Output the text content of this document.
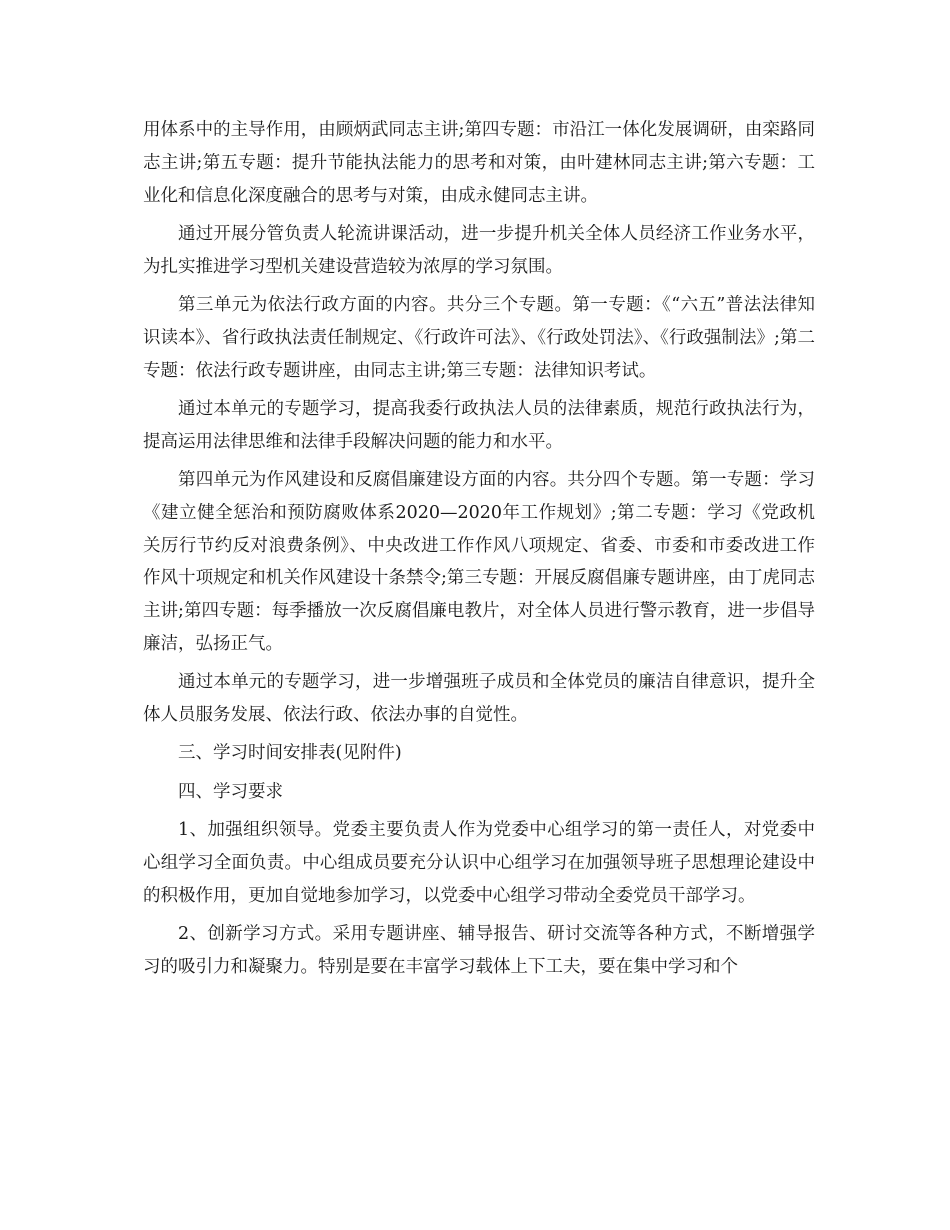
用体系中的主导作用，由顾炳武同志主讲;第四专题：市沿江一体化发展调研，由栾路同志主讲;第五专题：提升节能执法能力的思考和对策，由叶建林同志主讲;第六专题：工业化和信息化深度融合的思考与对策，由成永健同志主讲。

通过开展分管负责人轮流讲课活动，进一步提升机关全体人员经济工作业务水平，为扎实推进学习型机关建设营造较为浓厚的学习氛围。

第三单元为依法行政方面的内容。共分三个专题。第一专题：《“六五”普法法律知识读本》、省行政执法责任制规定、《行政许可法》、《行政处罚法》、《行政强制法》;第二专题：依法行政专题讲座，由同志主讲;第三专题：法律知识考试。

通过本单元的专题学习，提高我委行政执法人员的法律素质，规范行政执法行为，提高运用法律思维和法律手段解决问题的能力和水平。

第四单元为作风建设和反腐倡廉建设方面的内容。共分四个专题。第一专题：学习《建立健全惩治和预防腐败体系2020—2020年工作规划》;第二专题：学习《党政机关厉行节约反对浪费条例》、中央改进工作作风八项规定、省委、市委和市委改进工作作风十项规定和机关作风建设十条禁令;第三专题：开展反腐倡廉专题讲座，由丁虎同志主讲;第四专题：每季播放一次反腐倡廉电教片，对全体人员进行警示教育，进一步倡导廉洁，弘扬正气。

通过本单元的专题学习，进一步增强班子成员和全体党员的廉洁自律意识，提升全体人员服务发展、依法行政、依法办事的自觉性。

三、学习时间安排表(见附件)

四、学习要求

1、加强组织领导。党委主要负责人作为党委中心组学习的第一责任人，对党委中心组学习全面负责。中心组成员要充分认识中心组学习在加强领导班子思想理论建设中的积极作用，更加自觉地参加学习，以党委中心组学习带动全委党员干部学习。

2、创新学习方式。采用专题讲座、辅导报告、研讨交流等各种方式，不断增强学习的吸引力和凝聚力。特别是要在丰富学习载体上下工夫，要在集中学习和个
